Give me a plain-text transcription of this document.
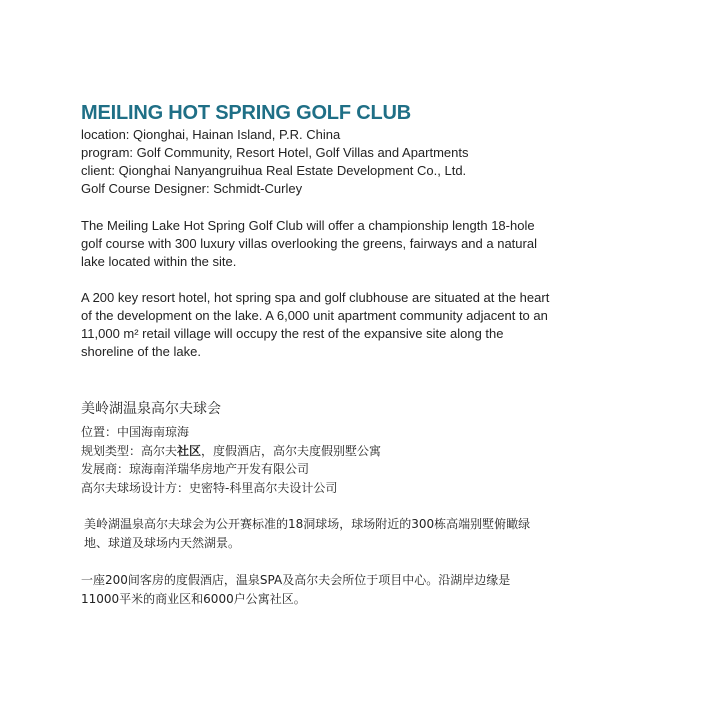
MEILING HOT SPRING GOLF CLUB
location: Qionghai, Hainan Island, P.R. China
program: Golf Community, Resort Hotel, Golf Villas and Apartments
client: Qionghai Nanyangruihua Real Estate Development Co., Ltd.
Golf Course Designer: Schmidt-Curley

The Meiling Lake Hot Spring Golf Club will offer a championship length 18-hole golf course with 300 luxury villas overlooking the greens, fairways and a natural lake located within the site.

A 200 key resort hotel, hot spring spa and golf clubhouse are situated at the heart of the development on the lake. A 6,000 unit apartment community adjacent to an 11,000 m² retail village will occupy the rest of the expansive site along the shoreline of the lake.

美岭湖温泉高尔夫球会
位置：中国海南琼海
规划类型：高尔夫社区，度假酒店，高尔夫度假别墅公寓
发展商：琼海南洋瑞华房地产开发有限公司
高尔夫球场设计方：史密特-科里高尔夫设计公司
美岭湖温泉高尔夫球会为公开赛标准的18洞球场，球场附近的300栋高端别墅俯瞰绿地、球道及球场内天然湖景。
一座200间客房的度假酒店，温泉SPA及高尔夫会所位于项目中心。沿湖岸边缘是11000平米的商业区和6000户公寓社区。
